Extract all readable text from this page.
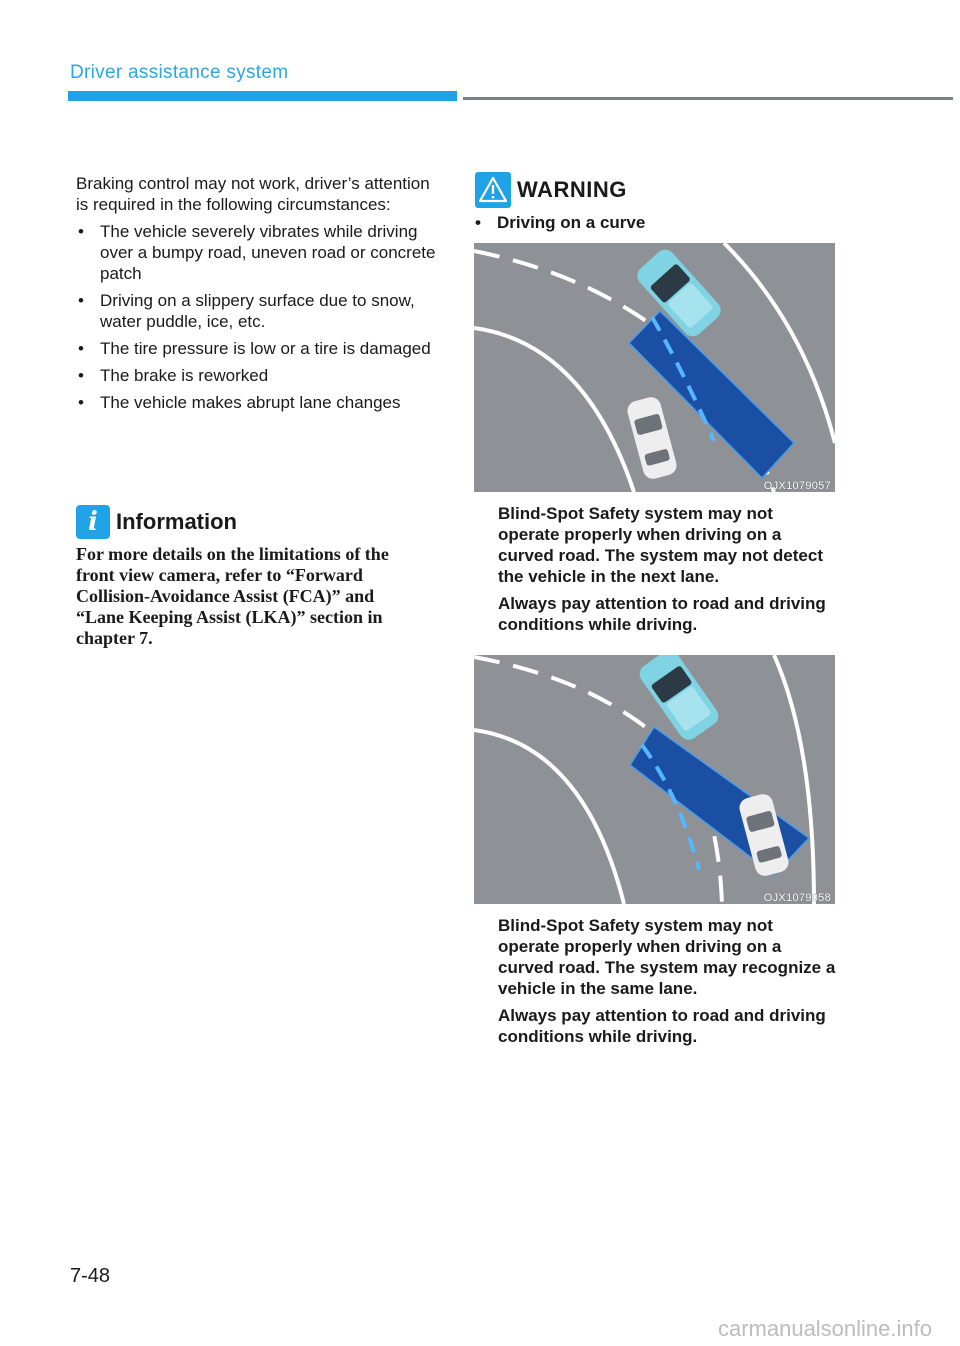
Driver assistance system

Braking control may not work, driver’s attention is required in the following circumstances:

• The vehicle severely vibrates while driving over a bumpy road, uneven road or concrete patch
• Driving on a slippery surface due to snow, water puddle, ice, etc.
• The tire pressure is low or a tire is damaged
• The brake is reworked
• The vehicle makes abrupt lane changes
i Information
For more details on the limitations of the front view camera, refer to “Forward Collision-Avoidance Assist (FCA)” and “Lane Keeping Assist (LKA)” section in chapter 7.
WARNING
• Driving on a curve
OJX1079057

Blind-Spot Safety system may not operate properly when driving on a curved road. The system may not detect the vehicle in the next lane.

Always pay attention to road and driving conditions while driving.

OJX1079058

Blind-Spot Safety system may not operate properly when driving on a curved road. The system may recognize a vehicle in the same lane.

Always pay attention to road and driving conditions while driving.

7-48
carmanualsonline.info
